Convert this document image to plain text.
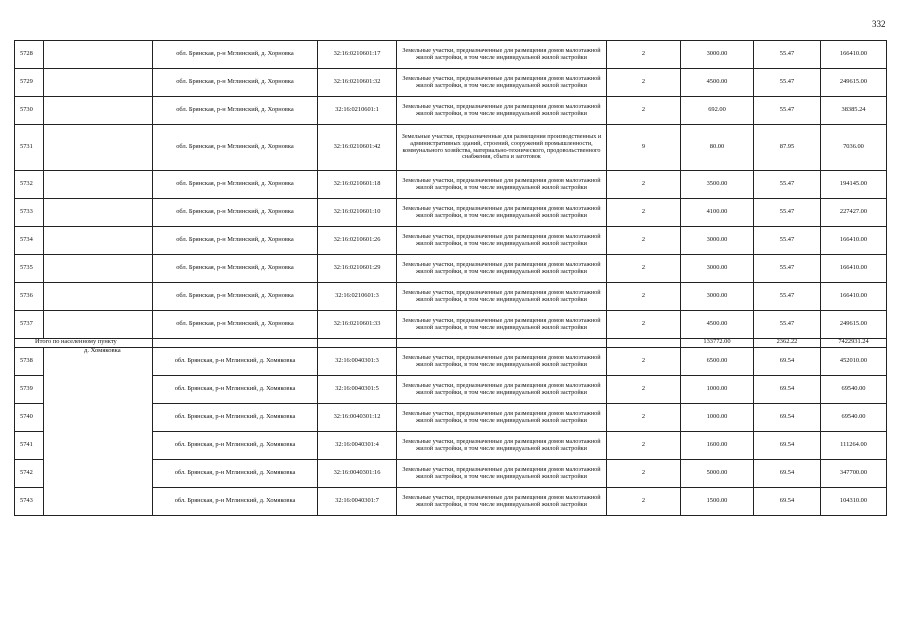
332
5728		обл. Брянская, р-н Мглинский, д. Хорновка	32:16:0210601:17	Земельные участки, предназначенные для размещения домов малоэтажной жилой застройки, в том числе индивидуальной жилой застройки	2	3000.00	55.47	166410.00
5729		обл. Брянская, р-н Мглинский, д. Хорновка	32:16:0210601:32	Земельные участки, предназначенные для размещения домов малоэтажной жилой застройки, в том числе индивидуальной жилой застройки	2	4500.00	55.47	249615.00
5730		обл. Брянская, р-н Мглинский, д. Хорновка	32:16:0210601:1	Земельные участки, предназначенные для размещения домов малоэтажной жилой застройки, в том числе индивидуальной жилой застройки	2	692.00	55.47	38385.24
5731		обл. Брянская, р-н Мглинский, д. Хорновка	32:16:0210601:42	Земельные участки, предназначенные для размещения производственных и административных зданий, строений, сооружений промышленности, коммунального хозяйства, материально-технического, продовольственного снабжения, сбыта и заготовок	9	80.00	87.95	7036.00
5732		обл. Брянская, р-н Мглинский, д. Хорновка	32:16:0210601:18	Земельные участки, предназначенные для размещения домов малоэтажной жилой застройки, в том числе индивидуальной жилой застройки	2	3500.00	55.47	194145.00
5733		обл. Брянская, р-н Мглинский, д. Хорновка	32:16:0210601:10	Земельные участки, предназначенные для размещения домов малоэтажной жилой застройки, в том числе индивидуальной жилой застройки	2	4100.00	55.47	227427.00
5734		обл. Брянская, р-н Мглинский, д. Хорновка	32:16:0210601:26	Земельные участки, предназначенные для размещения домов малоэтажной жилой застройки, в том числе индивидуальной жилой застройки	2	3000.00	55.47	166410.00
5735		обл. Брянская, р-н Мглинский, д. Хорновка	32:16:0210601:29	Земельные участки, предназначенные для размещения домов малоэтажной жилой застройки, в том числе индивидуальной жилой застройки	2	3000.00	55.47	166410.00
5736		обл. Брянская, р-н Мглинский, д. Хорновка	32:16:0210601:3	Земельные участки, предназначенные для размещения домов малоэтажной жилой застройки, в том числе индивидуальной жилой застройки	2	3000.00	55.47	166410.00
5737		обл. Брянская, р-н Мглинский, д. Хорновка	32:16:0210601:33	Земельные участки, предназначенные для размещения домов малоэтажной жилой застройки, в том числе индивидуальной жилой застройки	2	4500.00	55.47	249615.00
Итого по населенному пункту						133772.00	2362.22	7422931.24
5738	д. Хомяковка	обл. Брянская, р-н Мглинский, д. Хомяковка	32:16:0040301:3	Земельные участки, предназначенные для размещения домов малоэтажной жилой застройки, в том числе индивидуальной жилой застройки	2	6500.00	69.54	452010.00
5739		обл. Брянская, р-н Мглинский, д. Хомяковка	32:16:0040301:5	Земельные участки, предназначенные для размещения домов малоэтажной жилой застройки, в том числе индивидуальной жилой застройки	2	1000.00	69.54	69540.00
5740		обл. Брянская, р-н Мглинский, д. Хомяковка	32:16:0040301:12	Земельные участки, предназначенные для размещения домов малоэтажной жилой застройки, в том числе индивидуальной жилой застройки	2	1000.00	69.54	69540.00
5741		обл. Брянская, р-н Мглинский, д. Хомяковка	32:16:0040301:4	Земельные участки, предназначенные для размещения домов малоэтажной жилой застройки, в том числе индивидуальной жилой застройки	2	1600.00	69.54	111264.00
5742		обл. Брянская, р-н Мглинский, д. Хомяковка	32:16:0040301:16	Земельные участки, предназначенные для размещения домов малоэтажной жилой застройки, в том числе индивидуальной жилой застройки	2	5000.00	69.54	347700.00
5743		обл. Брянская, р-н Мглинский, д. Хомяковка	32:16:0040301:7	Земельные участки, предназначенные для размещения домов малоэтажной жилой застройки, в том числе индивидуальной жилой застройки	2	1500.00	69.54	104310.00
